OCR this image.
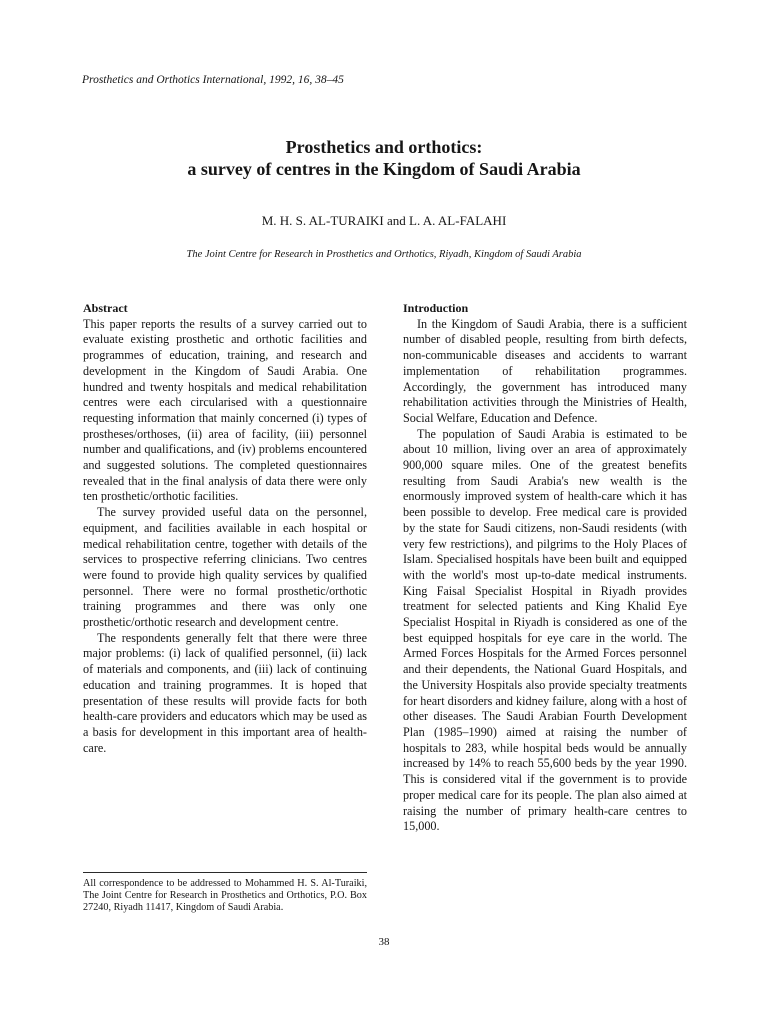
Prosthetics and Orthotics International, 1992, 16, 38–45
Prosthetics and orthotics:
a survey of centres in the Kingdom of Saudi Arabia
M. H. S. AL-TURAIKI and L. A. AL-FALAHI
The Joint Centre for Research in Prosthetics and Orthotics, Riyadh, Kingdom of Saudi Arabia
Abstract

This paper reports the results of a survey carried out to evaluate existing prosthetic and orthotic facilities and programmes of education, training, and research and development in the Kingdom of Saudi Arabia. One hundred and twenty hospitals and medical rehabilitation centres were each circularised with a questionnaire requesting information that mainly concerned (i) types of prostheses/orthoses, (ii) area of facility, (iii) personnel number and qualifications, and (iv) problems encountered and suggested solutions. The completed questionnaires revealed that in the final analysis of data there were only ten prosthetic/orthotic facilities.

The survey provided useful data on the personnel, equipment, and facilities available in each hospital or medical rehabilitation centre, together with details of the services to prospective referring clinicians. Two centres were found to provide high quality services by qualified personnel. There were no formal prosthetic/orthotic training programmes and there was only one prosthetic/orthotic research and development centre.

The respondents generally felt that there were three major problems: (i) lack of qualified personnel, (ii) lack of materials and components, and (iii) lack of continuing education and training programmes. It is hoped that presentation of these results will provide facts for both health-care providers and educators which may be used as a basis for development in this important area of health-care.

All correspondence to be addressed to Mohammed H. S. Al-Turaiki, The Joint Centre for Research in Prosthetics and Orthotics, P.O. Box 27240, Riyadh 11417, Kingdom of Saudi Arabia.
Introduction

In the Kingdom of Saudi Arabia, there is a sufficient number of disabled people, resulting from birth defects, non-communicable diseases and accidents to warrant implementation of rehabilitation programmes. Accordingly, the government has introduced many rehabilitation activities through the Ministries of Health, Social Welfare, Education and Defence.

The population of Saudi Arabia is estimated to be about 10 million, living over an area of approximately 900,000 square miles. One of the greatest benefits resulting from Saudi Arabia's new wealth is the enormously improved system of health-care which it has been possible to develop. Free medical care is provided by the state for Saudi citizens, non-Saudi residents (with very few restrictions), and pilgrims to the Holy Places of Islam. Specialised hospitals have been built and equipped with the world's most up-to-date medical instruments. King Faisal Specialist Hospital in Riyadh provides treatment for selected patients and King Khalid Eye Specialist Hospital in Riyadh is considered as one of the best equipped hospitals for eye care in the world. The Armed Forces Hospitals for the Armed Forces personnel and their dependents, the National Guard Hospitals, and the University Hospitals also provide specialty treatments for heart disorders and kidney failure, along with a host of other diseases. The Saudi Arabian Fourth Development Plan (1985–1990) aimed at raising the number of hospitals to 283, while hospital beds would be annually increased by 14% to reach 55,600 beds by the year 1990. This is considered vital if the government is to provide proper medical care for its people. The plan also aimed at raising the number of primary health-care centres to 15,000.

38
